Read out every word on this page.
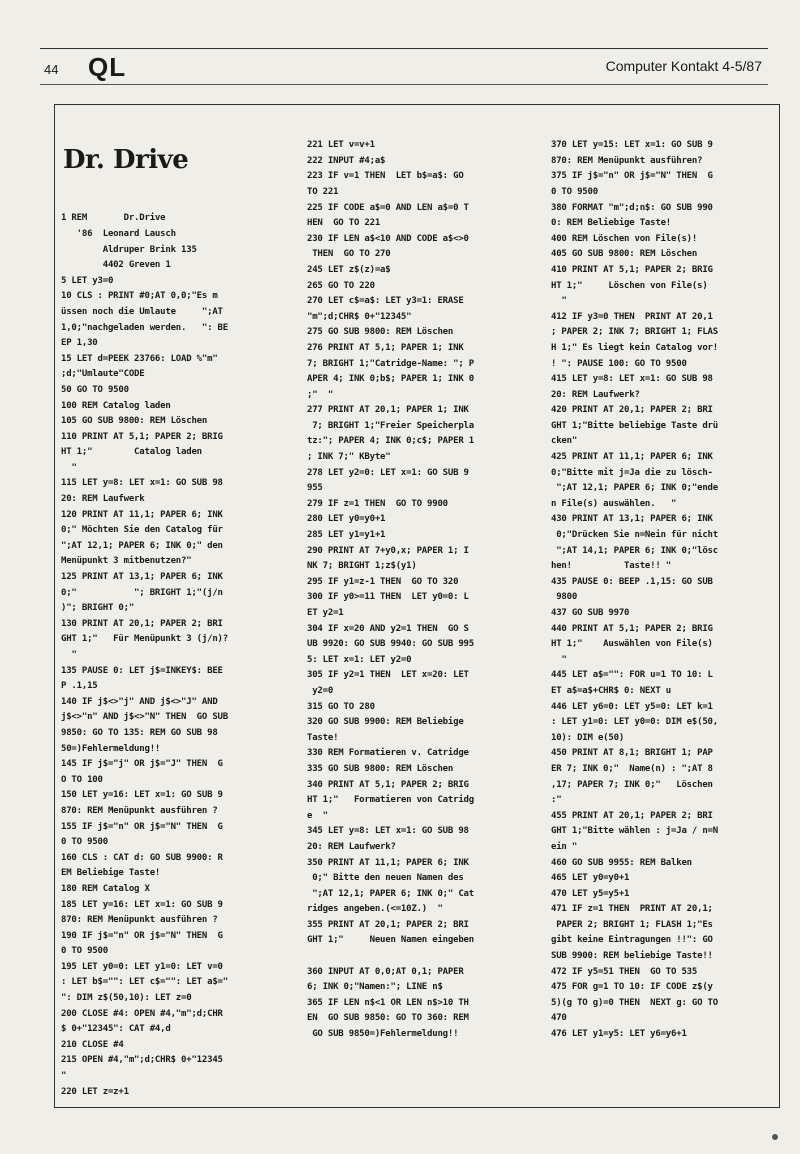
44 QL	Computer Kontakt 4-5/87

Dr. Drive

1 REM       Dr.Drive
'86  Leonard Lausch
Aldruper Brink 135
4402 Greven 1
5 LET y3=0
10 CLS : PRINT #0;AT 0,0;"Es m
üssen noch die Umlaute     ";AT
1,0;"nachgeladen werden.   ": BE
EP 1,30
15 LET d=PEEK 23766: LOAD %"m"
;d;"Umlaute"CODE
50 GO TO 9500
100 REM Catalog laden
105 GO SUB 9800: REM Löschen
110 PRINT AT 5,1; PAPER 2; BRIG
HT 1;"        Catalog laden
"
115 LET y=8: LET x=1: GO SUB 98
20: REM Laufwerk
120 PRINT AT 11,1; PAPER 6; INK
0;" Möchten Sie den Catalog für
";AT 12,1; PAPER 6; INK 0;" den
Menüpunkt 3 mitbenutzen?"
125 PRINT AT 13,1; PAPER 6; INK
0;"           "; BRIGHT 1;"(j/n
)"; BRIGHT 0;"
130 PRINT AT 20,1; PAPER 2; BRI
GHT 1;"   Für Menüpunkt 3 (j/n)?
"
135 PAUSE 0: LET j$=INKEY$: BEE
P .1,15
140 IF j$<>"j" AND j$<>"J" AND
j$<>"n" AND j$<>"N" THEN  GO SUB
9850: GO TO 135: REM GO SUB 98
50=)Fehlermeldung!!
145 IF j$="j" OR j$="J" THEN  G
O TO 100
150 LET y=16: LET x=1: GO SUB 9
870: REM Menüpunkt ausführen ?
155 IF j$="n" OR j$="N" THEN  G
0 TO 9500
160 CLS : CAT d: GO SUB 9900: R
EM Beliebige Taste!
180 REM Catalog X
185 LET y=16: LET x=1: GO SUB 9
870: REM Menüpunkt ausführen ?
190 IF j$="n" OR j$="N" THEN  G
0 TO 9500
195 LET y0=0: LET y1=0: LET v=0
: LET b$="": LET c$="": LET a$="
": DIM z$(50,10): LET z=0
200 CLOSE #4: OPEN #4,"m";d;CHR
$ 0+"12345": CAT #4,d
210 CLOSE #4
215 OPEN #4,"m";d;CHR$ 0+"12345
"
220 LET z=z+1

221 LET v=v+1
222 INPUT #4;a$
223 IF v=1 THEN  LET b$=a$: GO
TO 221
225 IF CODE a$=0 AND LEN a$=0 T
HEN  GO TO 221
230 IF LEN a$<10 AND CODE a$<>0
THEN  GO TO 270
245 LET z$(z)=a$
265 GO TO 220
270 LET c$=a$: LET y3=1: ERASE
"m";d;CHR$ 0+"12345"
275 GO SUB 9800: REM Löschen
276 PRINT AT 5,1; PAPER 1; INK
7; BRIGHT 1;"Catridge-Name: "; P
APER 4; INK 0;b$; PAPER 1; INK 0
;"  "
277 PRINT AT 20,1; PAPER 1; INK
7; BRIGHT 1;"Freier Speicherpla
tz:"; PAPER 4; INK 0;c$; PAPER 1
; INK 7;" KByte"
278 LET y2=0: LET x=1: GO SUB 9
955
279 IF z=1 THEN  GO TO 9900
280 LET y0=y0+1
285 LET y1=y1+1
290 PRINT AT 7+y0,x; PAPER 1; I
NK 7; BRIGHT 1;z$(y1)
295 IF y1=z-1 THEN  GO TO 320
300 IF y0>=11 THEN  LET y0=0: L
ET y2=1
304 IF x=20 AND y2=1 THEN  GO S
UB 9920: GO SUB 9940: GO SUB 995
5: LET x=1: LET y2=0
305 IF y2=1 THEN  LET x=20: LET
y2=0
315 GO TO 280
320 GO SUB 9900: REM Beliebige
Taste!
330 REM Formatieren v. Catridge
335 GO SUB 9800: REM Löschen
340 PRINT AT 5,1; PAPER 2; BRIG
HT 1;"   Formatieren von Catridg
e  "
345 LET y=8: LET x=1: GO SUB 98
20: REM Laufwerk?
350 PRINT AT 11,1; PAPER 6; INK
0;" Bitte den neuen Namen des
";AT 12,1; PAPER 6; INK 0;" Cat
ridges angeben.(<=10Z.)  "
355 PRINT AT 20,1; PAPER 2; BRI
GHT 1;"     Neuen Namen eingeben

360 INPUT AT 0,0;AT 0,1; PAPER
6; INK 0;"Namen:"; LINE n$
365 IF LEN n$<1 OR LEN n$>10 TH
EN  GO SUB 9850: GO TO 360: REM
GO SUB 9850=)Fehlermeldung!!

370 LET y=15: LET x=1: GO SUB 9
870: REM Menüpunkt ausführen?
375 IF j$="n" OR j$="N" THEN  G
0 TO 9500
380 FORMAT "m";d;n$: GO SUB 990
0: REM Beliebige Taste!
400 REM Löschen von File(s)!
405 GO SUB 9800: REM Löschen
410 PRINT AT 5,1; PAPER 2; BRIG
HT 1;"     Löschen von File(s)
"
412 IF y3=0 THEN  PRINT AT 20,1
; PAPER 2; INK 7; BRIGHT 1; FLAS
H 1;" Es liegt kein Catalog vor!
! ": PAUSE 100: GO TO 9500
415 LET y=8: LET x=1: GO SUB 98
20: REM Laufwerk?
420 PRINT AT 20,1; PAPER 2; BRI
GHT 1;"Bitte beliebige Taste drü
cken"
425 PRINT AT 11,1; PAPER 6; INK
0;"Bitte mit j=Ja die zu lösch-
";AT 12,1; PAPER 6; INK 0;"ende
n File(s) auswählen.   "
430 PRINT AT 13,1; PAPER 6; INK
0;"Drücken Sie n=Nein für nicht
";AT 14,1; PAPER 6; INK 0;"lösc
hen!          Taste!! "
435 PAUSE 0: BEEP .1,15: GO SUB
9800
437 GO SUB 9970
440 PRINT AT 5,1; PAPER 2; BRIG
HT 1;"    Auswählen von File(s)
"
445 LET a$="": FOR u=1 TO 10: L
ET a$=a$+CHR$ 0: NEXT u
446 LET y6=0: LET y5=0: LET k=1
: LET y1=0: LET y0=0: DIM e$(50,
10): DIM e(50)
450 PRINT AT 8,1; BRIGHT 1; PAP
ER 7; INK 0;"  Name(n) : ";AT 8
,17; PAPER 7; INK 0;"   Löschen
:"
455 PRINT AT 20,1; PAPER 2; BRI
GHT 1;"Bitte wählen : j=Ja / n=N
ein "
460 GO SUB 9955: REM Balken
465 LET y0=y0+1
470 LET y5=y5+1
471 IF z=1 THEN  PRINT AT 20,1;
PAPER 2; BRIGHT 1; FLASH 1;"Es
gibt keine Eintragungen !!": GO
SUB 9900: REM beliebige Taste!!
472 IF y5=51 THEN  GO TO 535
475 FOR g=1 TO 10: IF CODE z$(y
5)(g TO g)=0 THEN  NEXT g: GO TO
470
476 LET y1=y5: LET y6=y6+1
